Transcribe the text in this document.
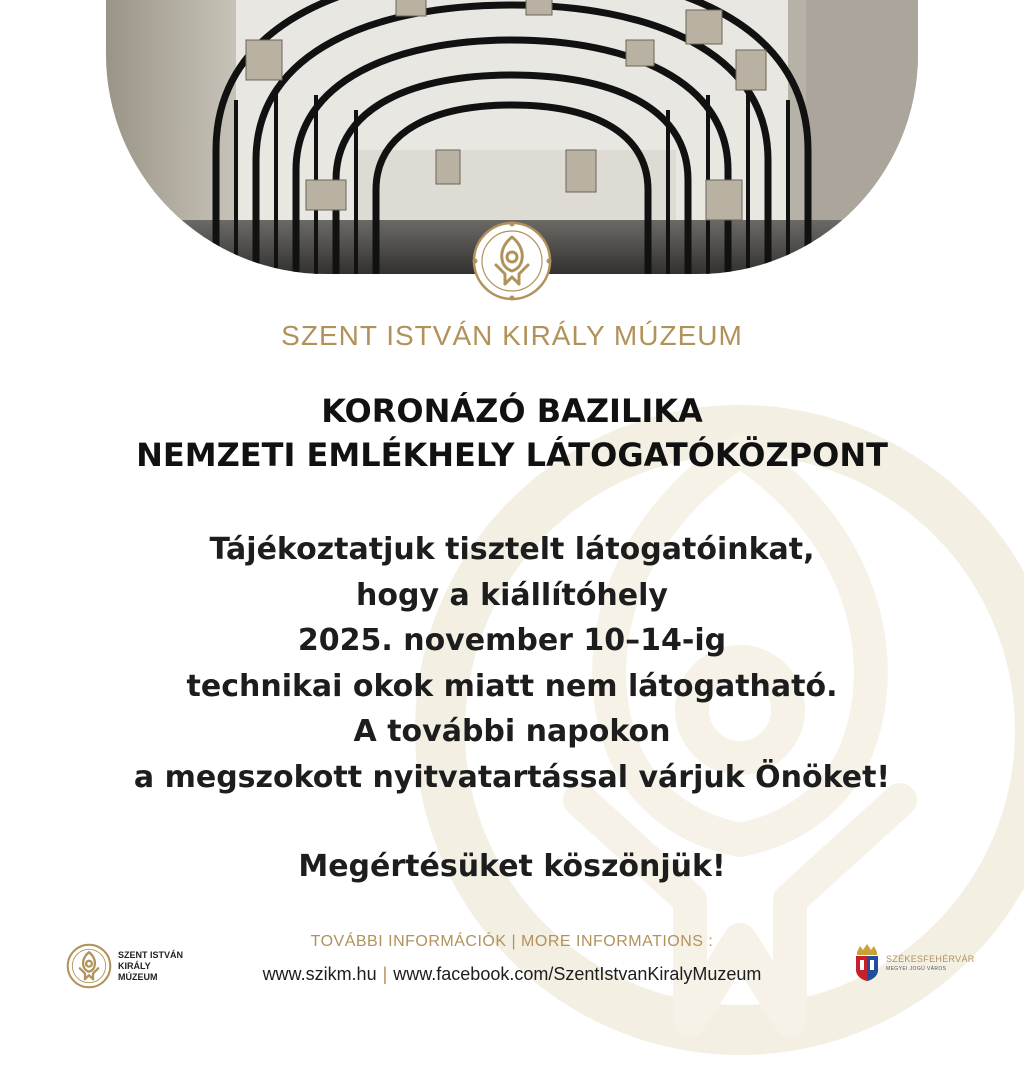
SZENT ISTVÁN KIRÁLY MÚZEUM
KORONÁZÓ BAZILIKA
NEMZETI EMLÉKHELY LÁTOGATÓKÖZPONT
Tájékoztatjuk tisztelt látogatóinkat,
hogy a kiállítóhely
2025. november 10–14-ig
technikai okok miatt nem látogatható.
A további napokon
a megszokott nyitvatartással várjuk Önöket!
Megértésüket köszönjük!
TOVÁBBI INFORMÁCIÓK | MORE INFORMATIONS :
www.szikm.hu | www.facebook.com/SzentIstvanKiralyMuzeum
SZENT ISTVÁN
KIRÁLY MÚZEUM
SZÉKESFEHÉRVÁR
MEGYEI JOGÚ VÁROS
